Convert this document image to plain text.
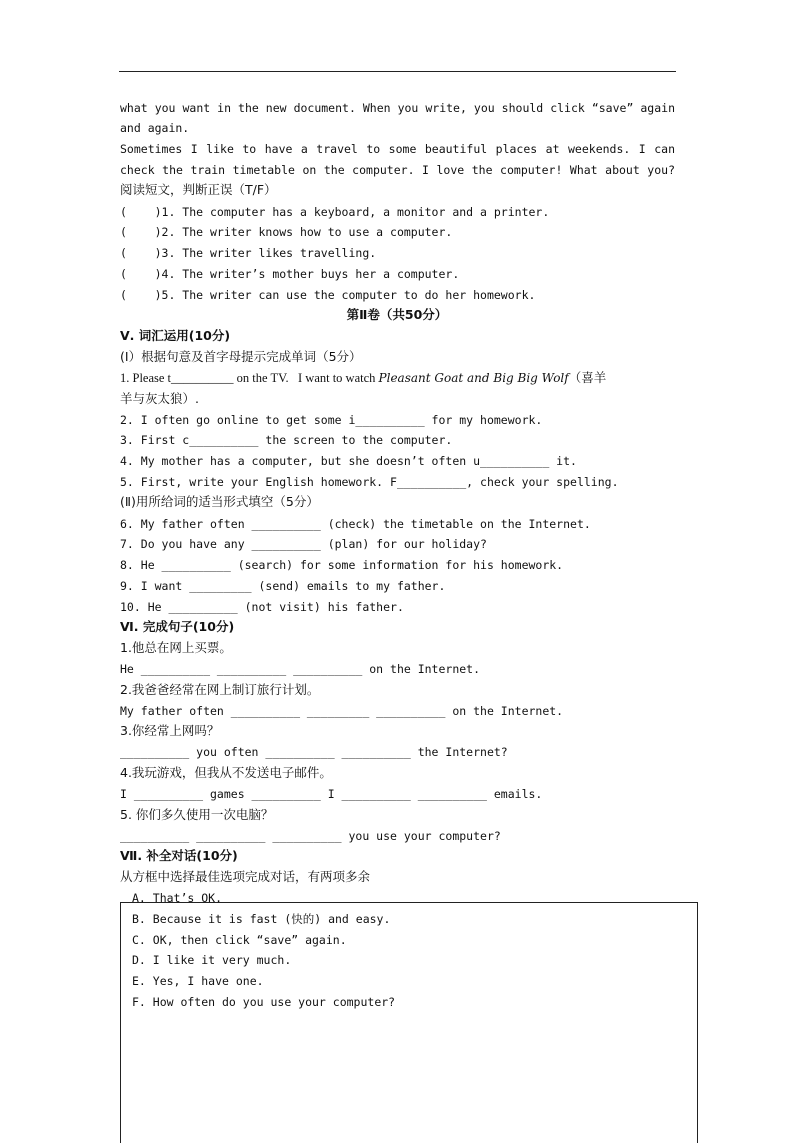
what you want in the new document. When you write, you should click “save” again
and again.
Sometimes I like to have a travel to some beautiful places at weekends. I can
check the train timetable on the computer. I love the computer! What about you?
阅读短文，判断正误（T/F）
(    )1. The computer has a keyboard, a monitor and a printer.
(    )2. The writer knows how to use a computer.
(    )3. The writer likes travelling.
(    )4. The writer’s mother buys her a computer.
(    )5. The writer can use the computer to do her homework.
第Ⅱ卷（共50分）
Ⅴ. 词汇运用(10分)
(Ⅰ）根据句意及首字母提示完成单词（5分）
1. Please t__________ on the TV.   I want to watch Pleasant Goat and Big Big Wolf（喜羊
羊与灰太狼）.
2. I often go online to get some i__________ for my homework.
3. First c__________ the screen to the computer.
4. My mother has a computer, but she doesn’t often u__________ it.
5. First, write your English homework. F__________, check your spelling.
(Ⅱ)用所给词的适当形式填空（5分）
6. My father often __________ (check) the timetable on the Internet.
7. Do you have any __________ (plan) for our holiday?
8. He __________ (search) for some information for his homework.
9. I want _________ (send) emails to my father.
10. He __________ (not visit) his father.
Ⅵ. 完成句子(10分)
1.他总在网上买票。
He __________ __________ __________ on the Internet.
2.我爸爸经常在网上制订旅行计划。
My father often __________ _________ __________ on the Internet.
3.你经常上网吗？
__________ you often __________ __________ the Internet?
4.我玩游戏，但我从不发送电子邮件。
I __________ games __________ I __________ __________ emails.
5. 你们多久使用一次电脑？
__________ __________ __________ you use your computer?
Ⅶ. 补全对话(10分)
从方框中选择最佳选项完成对话，有两项多余
A. That’s OK.
B. Because it is fast (快的) and easy.
C. OK, then click “save” again.
D. I like it very much.
E. Yes, I have one.
F. How often do you use your computer?
